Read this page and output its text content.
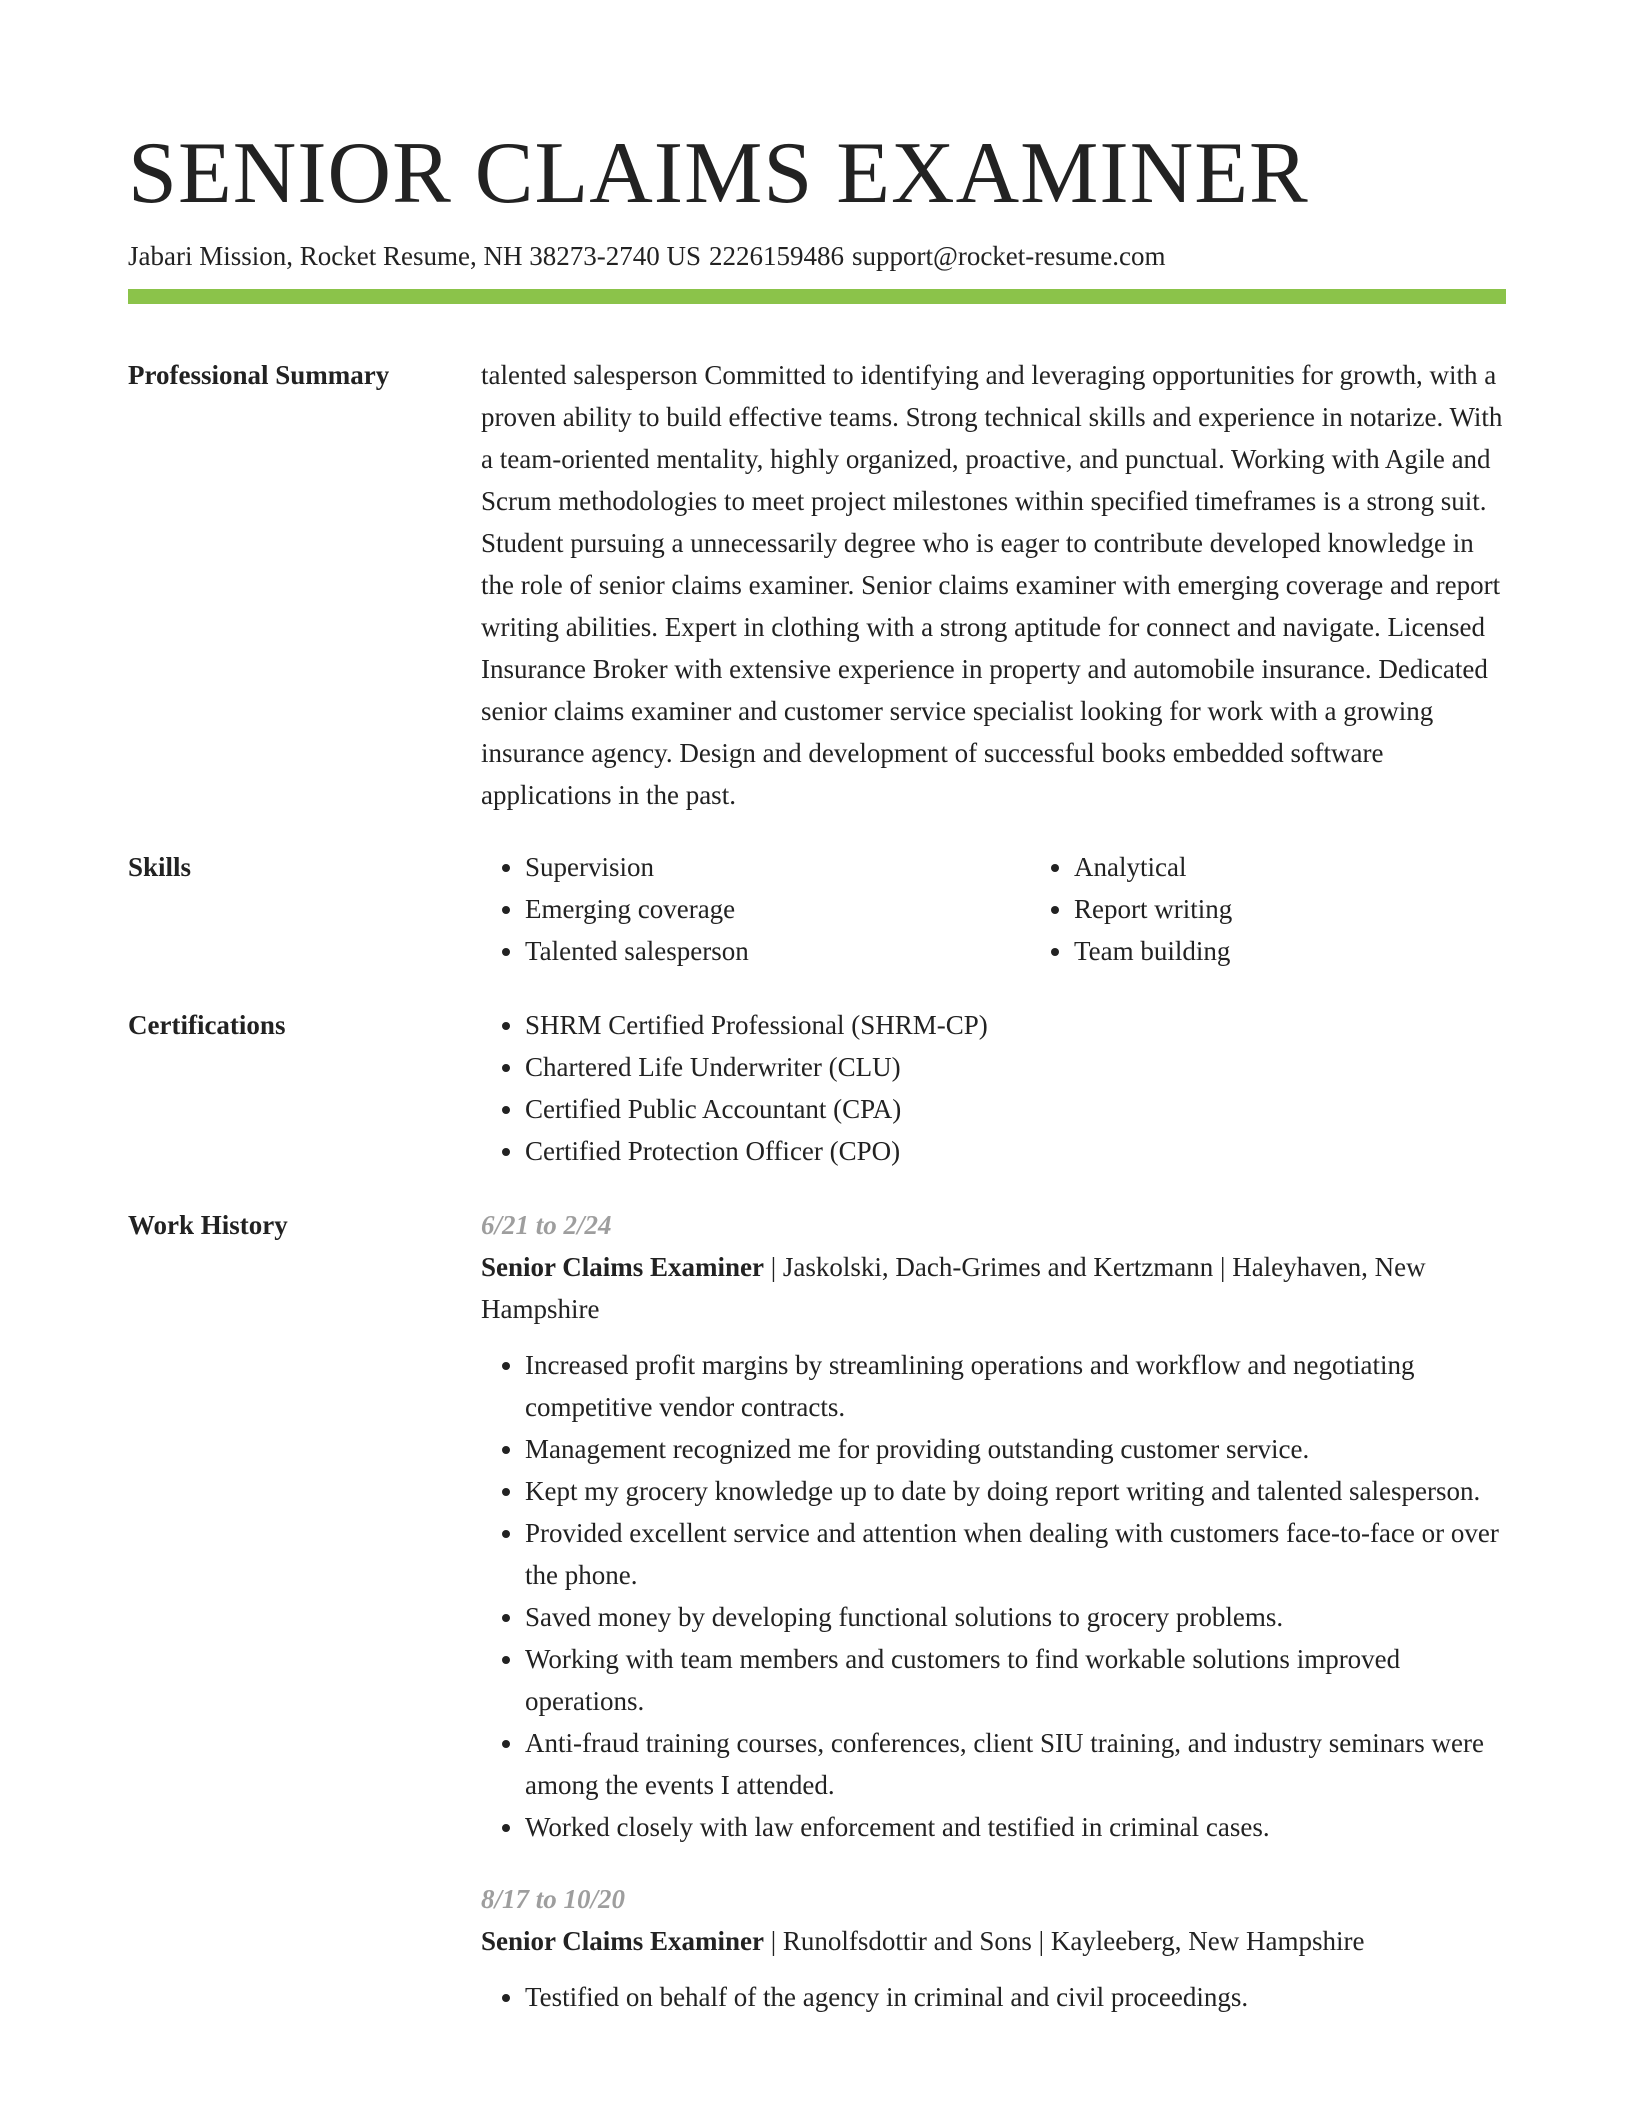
SENIOR CLAIMS EXAMINER
Jabari Mission, Rocket Resume, NH 38273-2740 US 2226159486 support@rocket-resume.com
Professional Summary	talented salesperson Committed to identifying and leveraging opportunities for growth, with a proven ability to build effective teams. Strong technical skills and experience in notarize. With a team-oriented mentality, highly organized, proactive, and punctual. Working with Agile and Scrum methodologies to meet project milestones within specified timeframes is a strong suit. Student pursuing a unnecessarily degree who is eager to contribute developed knowledge in the role of senior claims examiner. Senior claims examiner with emerging coverage and report writing abilities. Expert in clothing with a strong aptitude for connect and navigate. Licensed Insurance Broker with extensive experience in property and automobile insurance. Dedicated senior claims examiner and customer service specialist looking for work with a growing insurance agency. Design and development of successful books embedded software applications in the past.
Skills	• Supervision
• Emerging coverage
• Talented salesperson
• Analytical
• Report writing
• Team building
Certifications	• SHRM Certified Professional (SHRM-CP)
• Chartered Life Underwriter (CLU)
• Certified Public Accountant (CPA)
• Certified Protection Officer (CPO)
Work History	6/21 to 2/24
Senior Claims Examiner | Jaskolski, Dach-Grimes and Kertzmann | Haleyhaven, New Hampshire
• Increased profit margins by streamlining operations and workflow and negotiating competitive vendor contracts.
• Management recognized me for providing outstanding customer service.
• Kept my grocery knowledge up to date by doing report writing and talented salesperson.
• Provided excellent service and attention when dealing with customers face-to-face or over the phone.
• Saved money by developing functional solutions to grocery problems.
• Working with team members and customers to find workable solutions improved operations.
• Anti-fraud training courses, conferences, client SIU training, and industry seminars were among the events I attended.
• Worked closely with law enforcement and testified in criminal cases.
8/17 to 10/20
Senior Claims Examiner | Runolfsdottir and Sons | Kayleeberg, New Hampshire
• Testified on behalf of the agency in criminal and civil proceedings.
